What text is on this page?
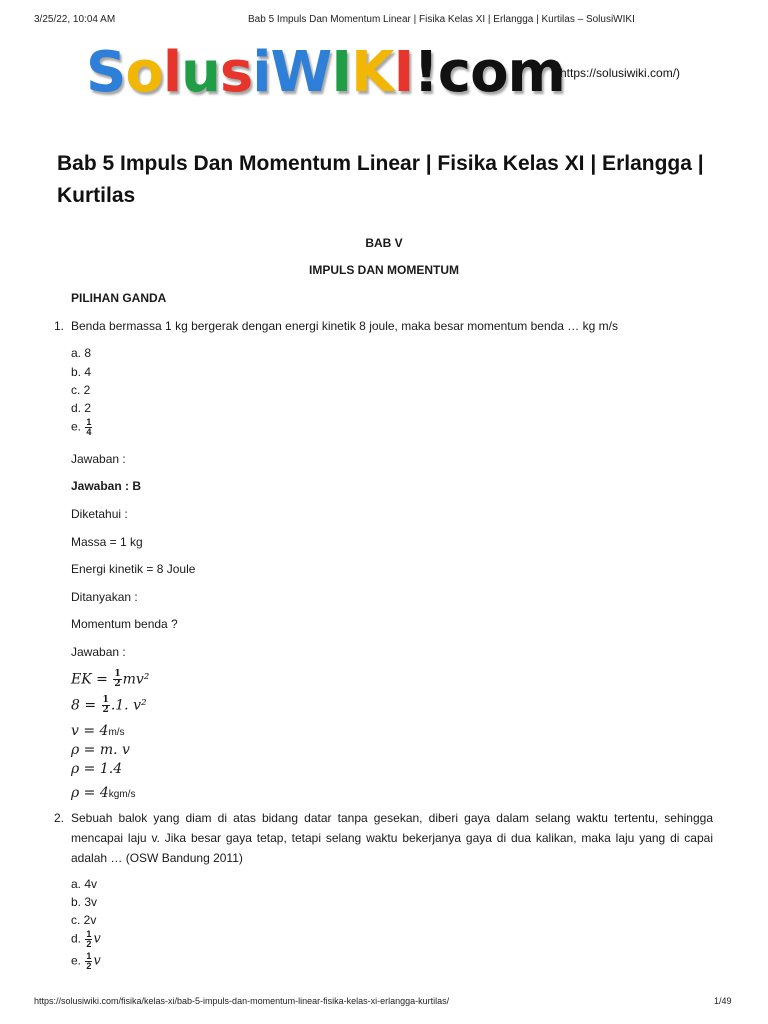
3/25/22, 10:04 AM	Bab 5 Impuls Dan Momentum Linear | Fisika Kelas XI | Erlangga | Kurtilas – SolusiWIKI
SolusiWIKI!com
(https://solusiwiki.com/)
Bab 5 Impuls Dan Momentum Linear | Fisika Kelas XI | Erlangga | Kurtilas
BAB V
IMPULS DAN MOMENTUM
PILIHAN GANDA
1. Benda bermassa 1 kg bergerak dengan energi kinetik 8 joule, maka besar momentum benda … kg m/s
a. 8
b. 4
c. 2
d. 2
e. $\frac{1}{4}$
Jawaban :
Jawaban : B
Diketahui :
Massa = 1 kg
Energi kinetik = 8 Joule
Ditanyakan :
Momentum benda ?
Jawaban :
EK = $\frac{1}{2} mv^2$
$8 = \frac{1}{2} .1$. v²
v = 4m/s
ρ = m. v
ρ = 1.4
ρ = 4kgm/s
2. Sebuah balok yang diam di atas bidang datar tanpa gesekan, diberi gaya dalam selang waktu tertentu, sehingga mencapai laju v. Jika besar gaya tetap, tetapi selang waktu bekerjanya gaya di dua kalikan, maka laju yang di capai adalah … (OSW Bandung 2011)
a. 4v
b. 3v
c. 2v
d. $\frac{1}{2}$ v
e. $\frac{1}{2}$ v
https://solusiwiki.com/fisika/kelas-xi/bab-5-impuls-dan-momentum-linear-fisika-kelas-xi-erlangga-kurtilas/	1/49
